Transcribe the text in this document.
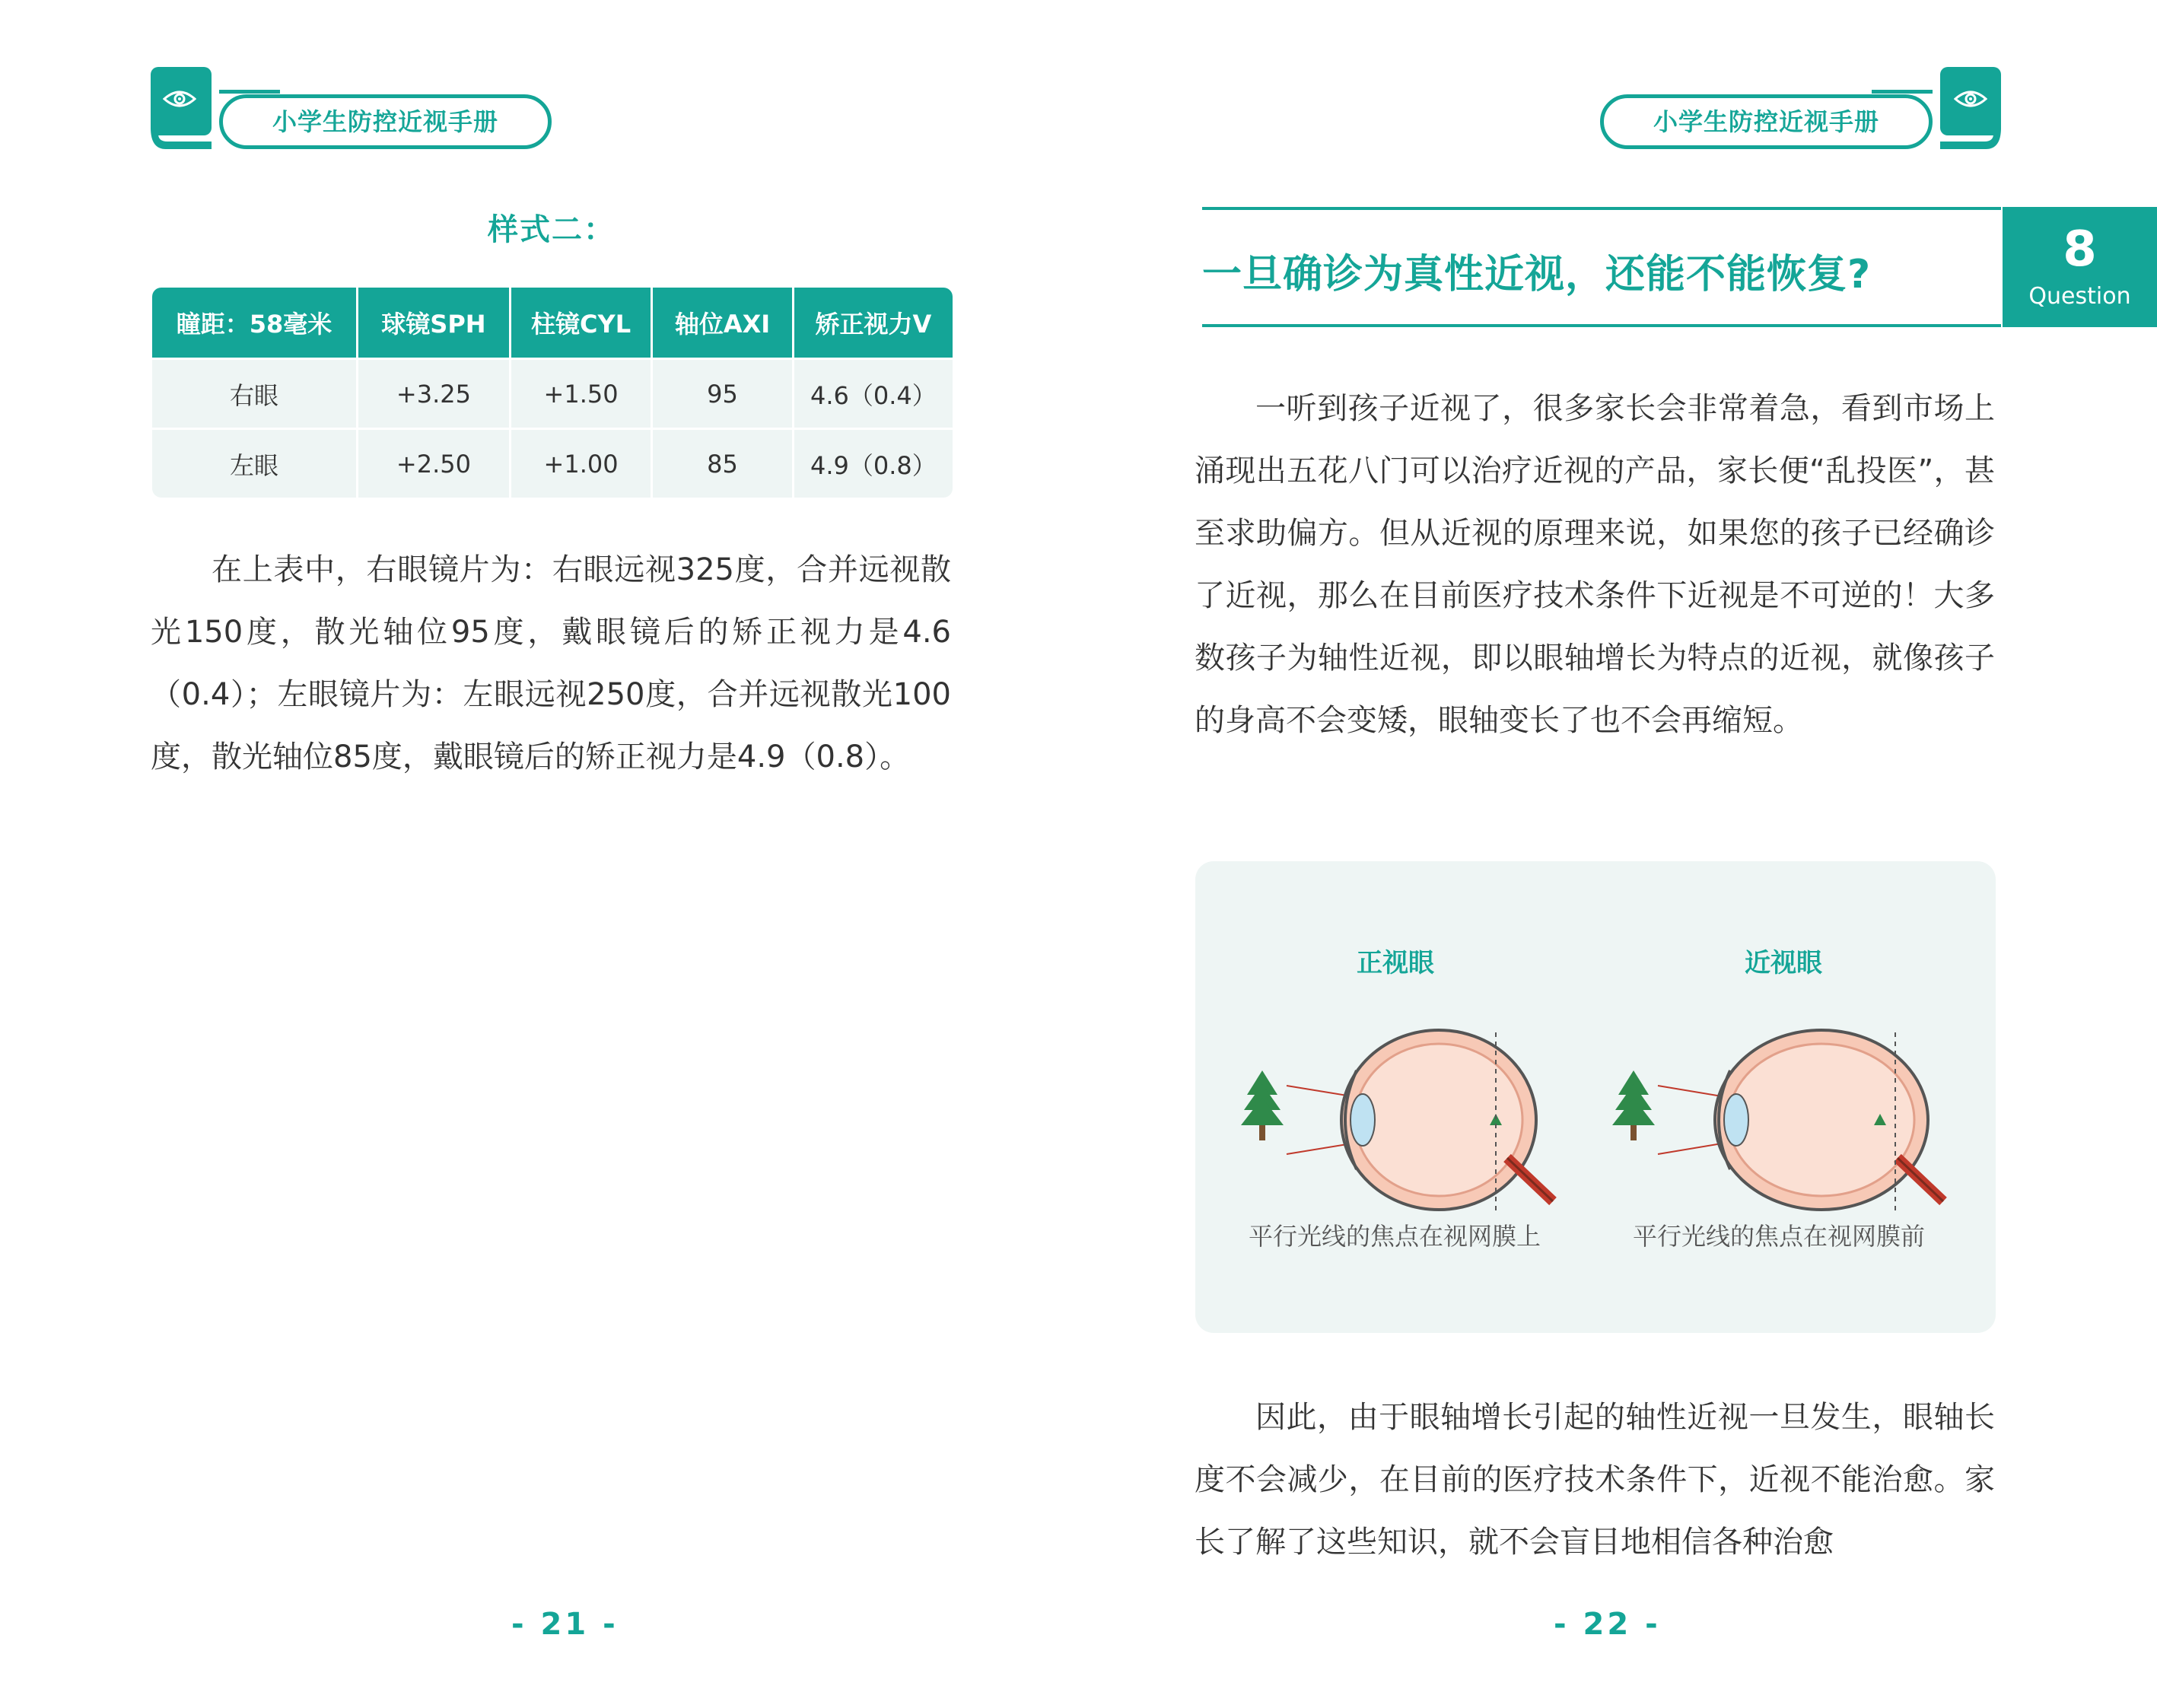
小学生防控近视手册
样式二：
瞳距：58毫米	球镜SPH	柱镜CYL	轴位AXI	矫正视力V
右眼	+3.25	+1.50	95	4.6（0.4）
左眼	+2.50	+1.00	85	4.9（0.8）

在上表中，右眼镜片为：右眼远视325度，合并远视散光150度，散光轴位95度，戴眼镜后的矫正视力是4.6（0.4）；左眼镜片为：左眼远视250度，合并远视散光100度，散光轴位85度，戴眼镜后的矫正视力是4.9（0.8）。

- 21 -
小学生防控近视手册
一旦确诊为真性近视，还能不能恢复?	8
Question

一听到孩子近视了，很多家长会非常着急，看到市场上涌现出五花八门可以治疗近视的产品，家长便“乱投医”，甚至求助偏方。但从近视的原理来说，如果您的孩子已经确诊了近视，那么在目前医疗技术条件下近视是不可逆的！大多数孩子为轴性近视，即以眼轴增长为特点的近视，就像孩子的身高不会变矮，眼轴变长了也不会再缩短。

正视眼	近视眼
平行光线的焦点在视网膜上	平行光线的焦点在视网膜前

因此，由于眼轴增长引起的轴性近视一旦发生，眼轴长度不会减少，在目前的医疗技术条件下，近视不能治愈。家长了解了这些知识，就不会盲目地相信各种治愈

- 22 -
